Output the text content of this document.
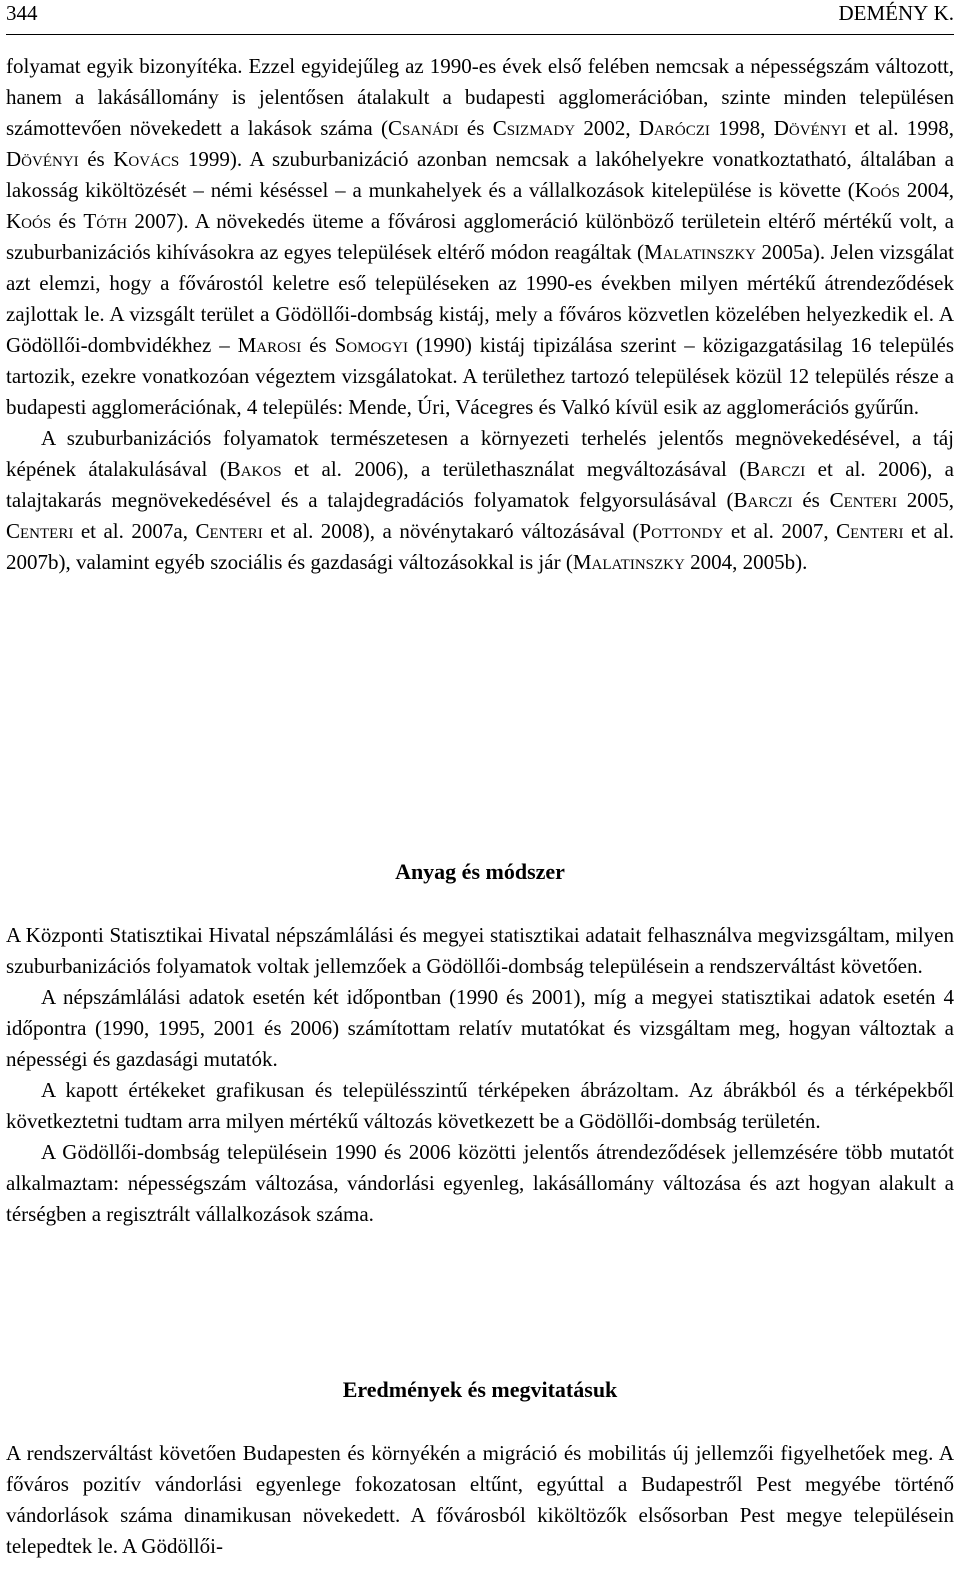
344	DEMÉNY K.

folyamat egyik bizonyítéka. Ezzel egyidejűleg az 1990-es évek első felében nemcsak a népességszám változott, hanem a lakásállomány is jelentősen átalakult a budapesti agglomerációban, szinte minden településen számottevően növekedett a lakások száma (Csanádi és Csizmady 2002, Daróczi 1998, Dövényi et al. 1998, Dövényi és Kovács 1999). A szuburbanizáció azonban nemcsak a lakóhelyekre vonatkoztatható, általában a lakosság kiköltözését – némi késéssel – a munkahelyek és a vállalkozások kitelepülése is követte (Koós 2004, Koós és Tóth 2007). A növekedés üteme a fővárosi agglomeráció különböző területein eltérő mértékű volt, a szuburbanizációs kihívásokra az egyes települések eltérő módon reagáltak (Malatinszky 2005a). Jelen vizsgálat azt elemzi, hogy a fővárostól keletre eső településeken az 1990-es években milyen mértékű átrendeződések zajlottak le. A vizsgált terület a Gödöllői-dombság kistáj, mely a főváros közvetlen közelében helyezkedik el. A Gödöllői-dombvidékhez – Marosi és Somogyi (1990) kistáj tipizálása szerint – közigazgatásilag 16 település tartozik, ezekre vonatkozóan végeztem vizsgálatokat. A területhez tartozó települések közül 12 település része a budapesti agglomerációnak, 4 település: Mende, Úri, Vácegres és Valkó kívül esik az agglomerációs gyűrűn.

A szuburbanizációs folyamatok természetesen a környezeti terhelés jelentős megnövekedésével, a táj képének átalakulásával (Bakos et al. 2006), a területhasználat megváltozásával (Barczi et al. 2006), a talajtakarás megnövekedésével és a talajdegradációs folyamatok felgyorsulásával (Barczi és Centeri 2005, Centeri et al. 2007a, Centeri et al. 2008), a növénytakaró változásával (Pottondy et al. 2007, Centeri et al. 2007b), valamint egyéb szociális és gazdasági változásokkal is jár (Malatinszky 2004, 2005b).

Anyag és módszer

A Központi Statisztikai Hivatal népszámlálási és megyei statisztikai adatait felhasználva megvizsgáltam, milyen szuburbanizációs folyamatok voltak jellemzőek a Gödöllői-dombság településein a rendszerváltást követően.

A népszámlálási adatok esetén két időpontban (1990 és 2001), míg a megyei statisztikai adatok esetén 4 időpontra (1990, 1995, 2001 és 2006) számítottam relatív mutatókat és vizsgáltam meg, hogyan változtak a népességi és gazdasági mutatók.

A kapott értékeket grafikusan és településszintű térképeken ábrázoltam. Az ábrákból és a térképekből következtetni tudtam arra milyen mértékű változás következett be a Gödöllői-dombság területén.

A Gödöllői-dombság településein 1990 és 2006 közötti jelentős átrendeződések jellemzésére több mutatót alkalmaztam: népességszám változása, vándorlási egyenleg, lakásállomány változása és azt hogyan alakult a térségben a regisztrált vállalkozások száma.

Eredmények és megvitatásuk

A rendszerváltást követően Budapesten és környékén a migráció és mobilitás új jellemzői figyelhetőek meg. A főváros pozitív vándorlási egyenlege fokozatosan eltűnt, egyúttal a Budapestről Pest megyébe történő vándorlások száma dinamikusan növekedett. A fővárosból kiköltözők elsősorban Pest megye településein telepedtek le. A Gödöllői-
